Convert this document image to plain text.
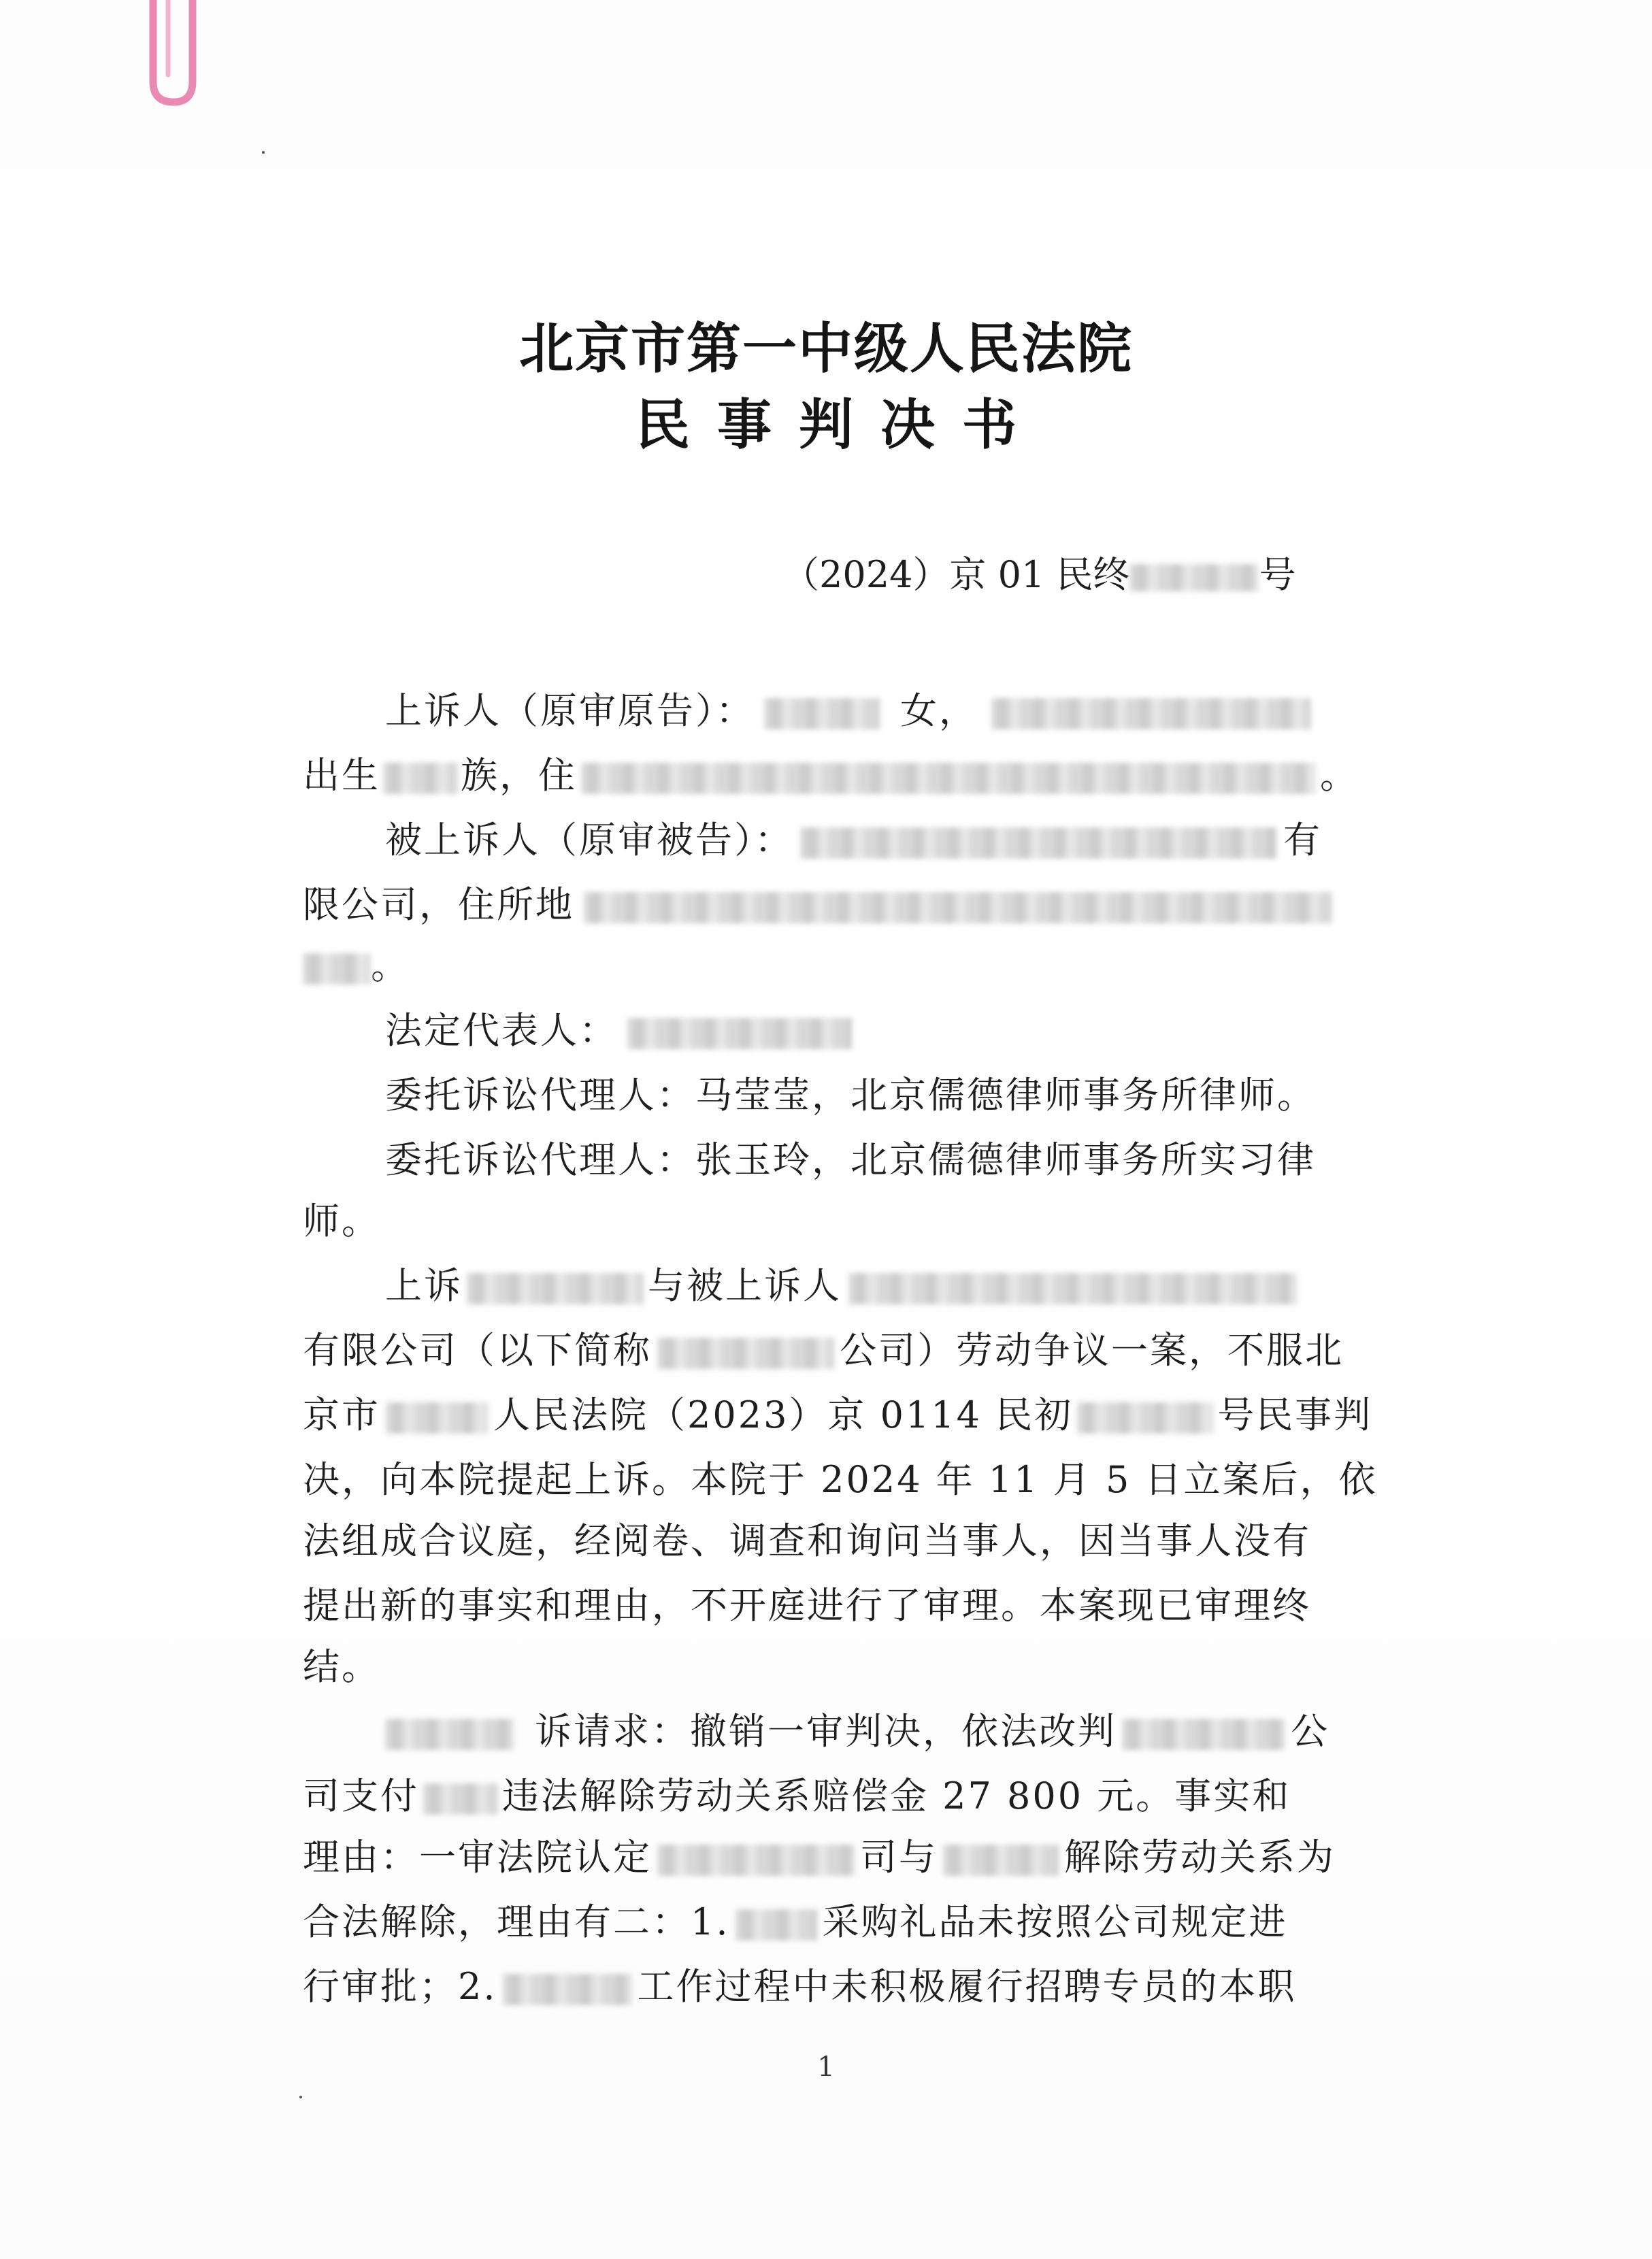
北京市第一中级人民法院
民事判决书
（2024）京 01 民终	号
上诉人（原审原告）：	女，
出生 族，住	。
被上诉人（原审被告）：	有
限公司，住所地
。
法定代表人：
委托诉讼代理人：马莹莹，北京儒德律师事务所律师。
委托诉讼代理人：张玉玲，北京儒德律师事务所实习律
师。
上诉	与被上诉人
有限公司（以下简称	公司）劳动争议一案，不服北
京市	人民法院（2023）京 0114 民初	号民事判
决，向本院提起上诉。本院于 2024 年 11 月 5 日立案后，依
法组成合议庭，经阅卷、调查和询问当事人，因当事人没有
提出新的事实和理由，不开庭进行了审理。本案现已审理终
结。
诉请求：撤销一审判决，依法改判	公
司支付 违法解除劳动关系赔偿金 27 800 元。事实和
理由：一审法院认定	司与	解除劳动关系为
合法解除，理由有二：1.	采购礼品未按照公司规定进
行审批；2.	工作过程中未积极履行招聘专员的本职
1
